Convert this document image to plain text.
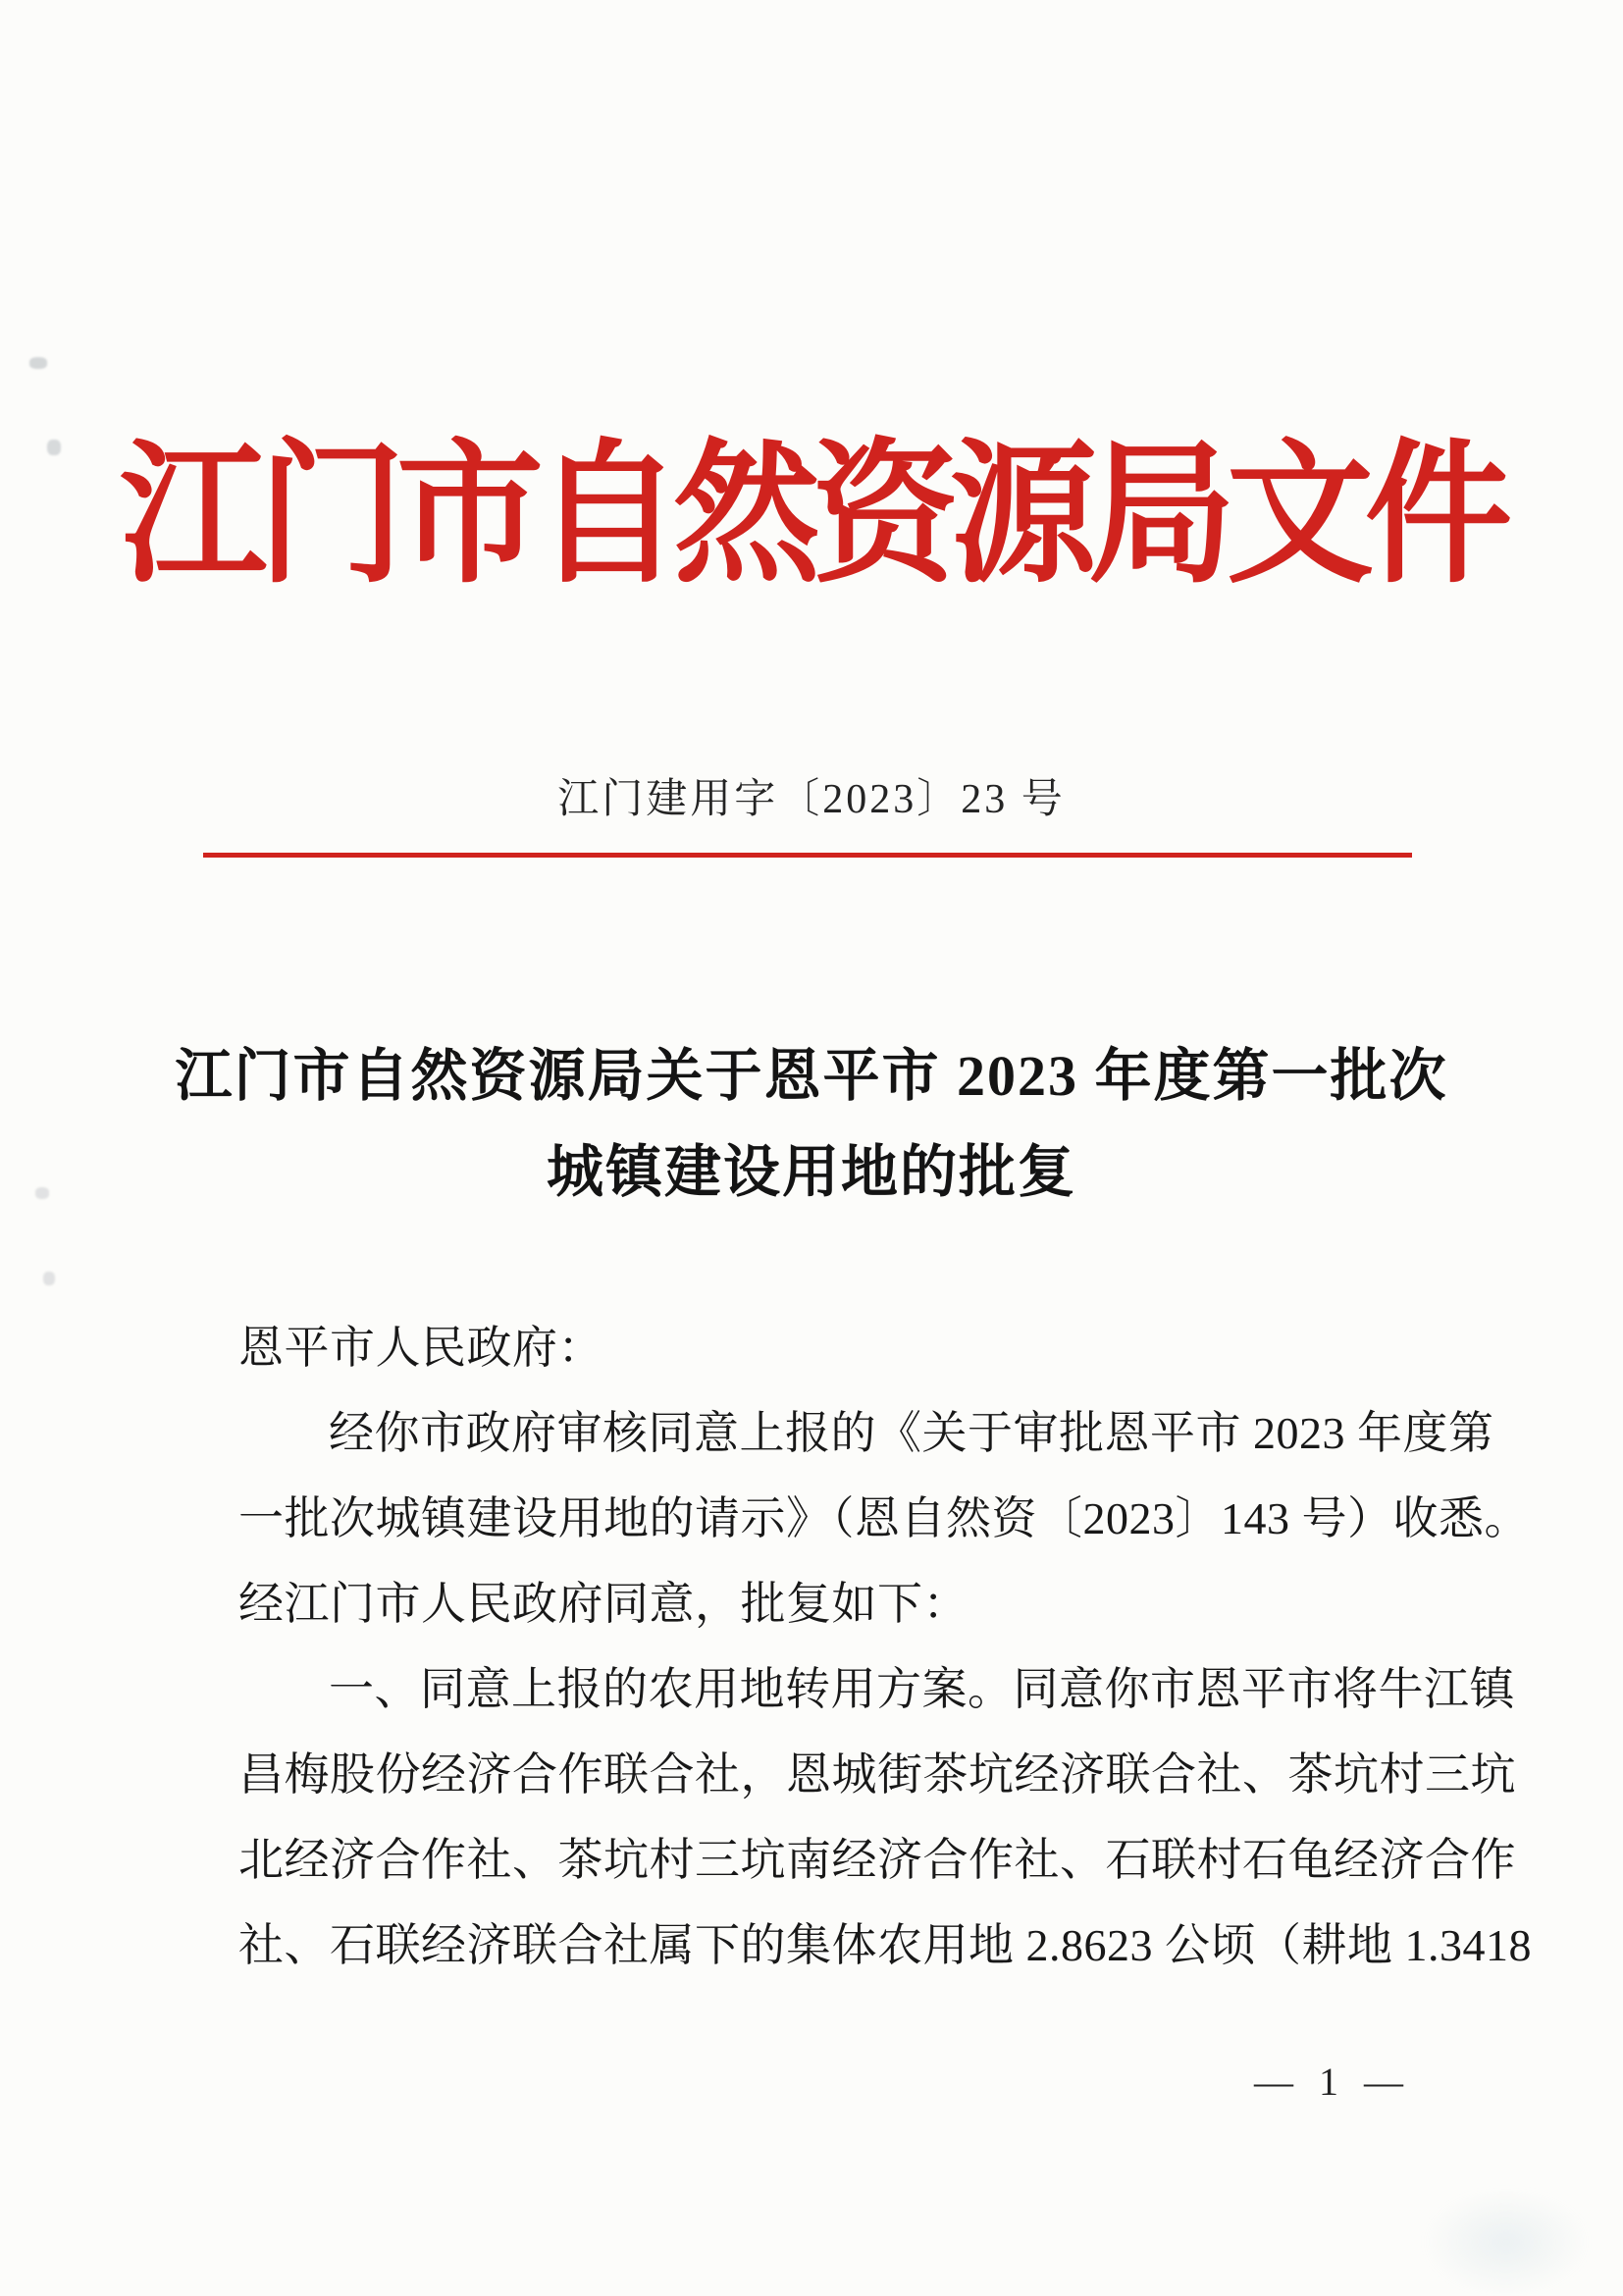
江门市自然资源局文件
江门建用字〔2023〕23 号
江门市自然资源局关于恩平市 2023 年度第一批次
城镇建设用地的批复
恩平市人民政府：
经你市政府审核同意上报的《关于审批恩平市 2023 年度第
一批次城镇建设用地的请示》（恩自然资〔2023〕143 号）收悉。
经江门市人民政府同意，批复如下：
一、同意上报的农用地转用方案。同意你市恩平市将牛江镇
昌梅股份经济合作联合社，恩城街茶坑经济联合社、茶坑村三坑
北经济合作社、茶坑村三坑南经济合作社、石联村石龟经济合作
社、石联经济联合社属下的集体农用地 2.8623 公顷（耕地 1.3418
— 1 —
